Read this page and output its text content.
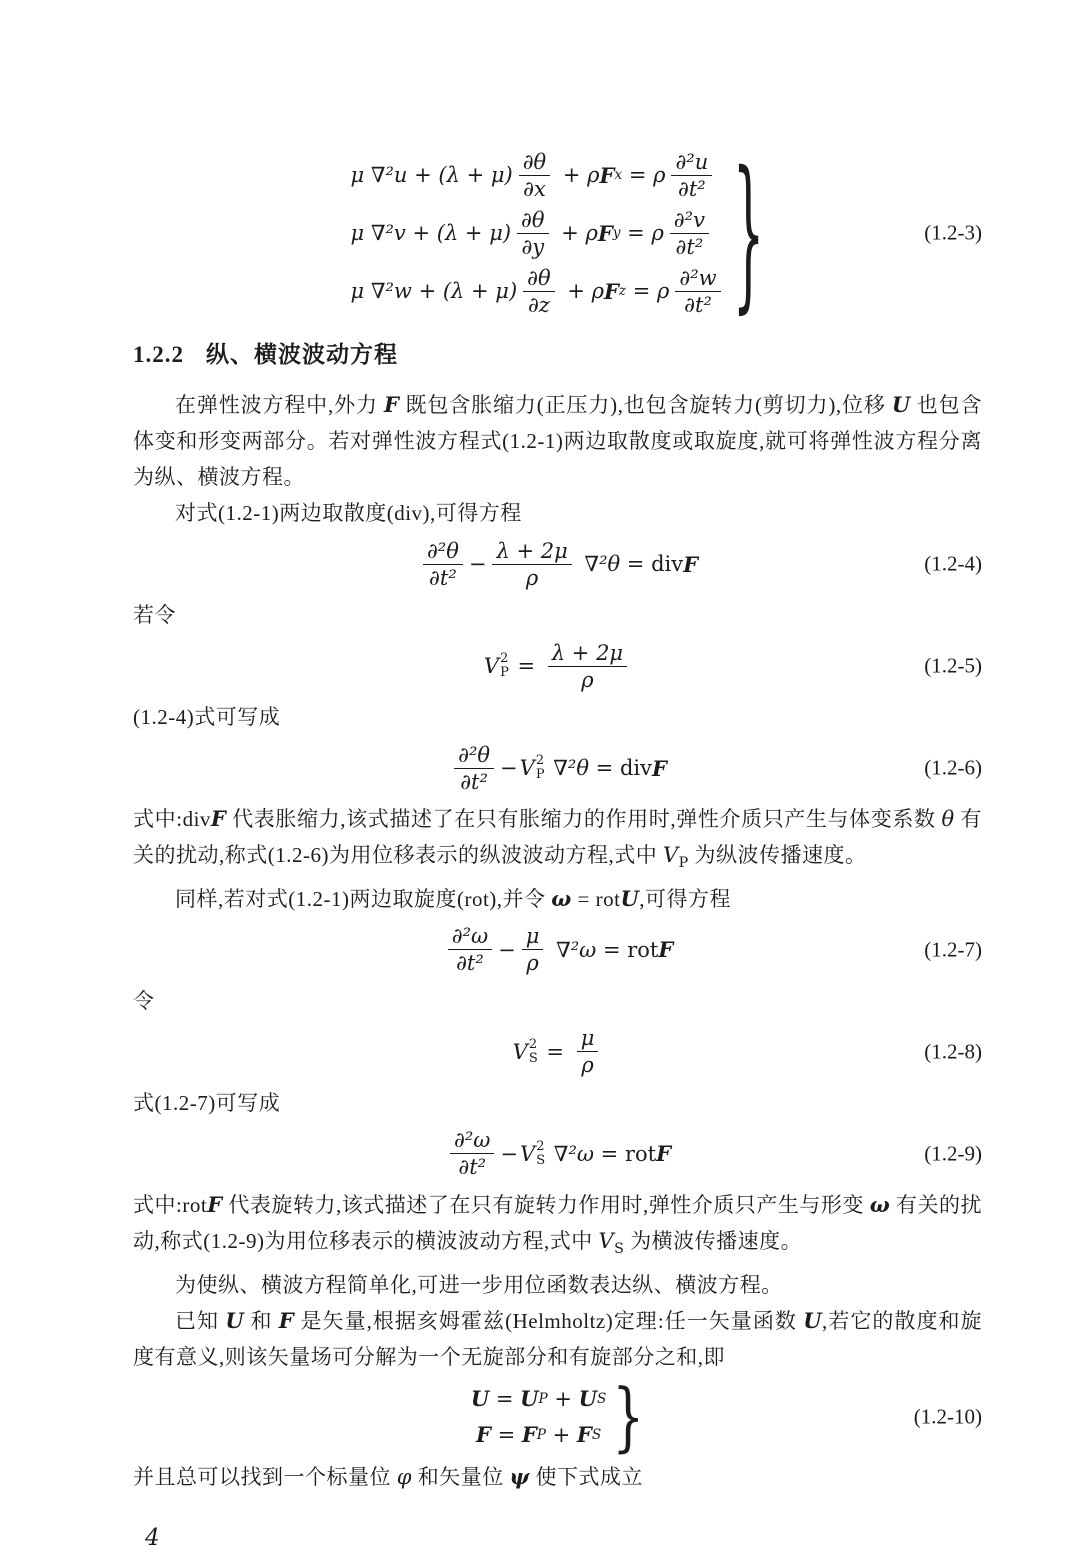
μ $\nabla^2u + (\lambda + \mu) \frac{\partial\theta}{\partial x} + \rho$ F x = ρ $\frac{\text{∂²u}}{\text{∂t²}}$
μ $\nabla^2v + (\lambda + \mu) \frac{\partial\theta}{\partial y} + \rho$ F y = ρ $\frac{\text{∂²v}}{\text{∂t²}}$
μ $\nabla^2w + (\lambda + \mu) \frac{\partial\theta}{\partial z} + \rho$ F z = ρ $\frac{\text{∂²w}}{\text{∂t²}}$ }	(1.2-3)
1.2.2 纵、横波波动方程

在弹性波方程中,外力 F 既包含胀缩力(正压力),也包含旋转力(剪切力),位移 U 也包含体变和形变两部分。若对弹性波方程式(1.2-1)两边取散度或取旋度,就可将弹性波方程分离为纵、横波方程。

对式(1.2-1)两边取散度(div),可得方程

$\frac{\text{∂²θ}}{\text{∂t²}} - \frac{\lambda + 2\mu}{\rho} \nabla^2\theta$ = div F	(1.2-4)

若令

V 2
$P = \frac{\lambda + 2\mu}{\rho}$	(1.2-5)

(1.2-4)式可写成

$\frac{\text{∂²θ}}{\text{∂t²}} - V$ 2
P ∇²θ = div F	(1.2-6)

式中:divF 代表胀缩力,该式描述了在只有胀缩力的作用时,弹性介质只产生与体变系数 θ 有关的扰动,称式(1.2-6)为用位移表示的纵波波动方程,式中 $V_P$ 为纵波传播速度。

同样,若对式(1.2-1)两边取旋度(rot),并令 ω = rotU,可得方程

$\frac{\text{∂²ω}}{\text{∂t²}} - \frac{\mu}{\rho} \nabla^2\omega$ = rot F	(1.2-7)

令

V 2
$S = \frac{\mu}{\rho}$	(1.2-8)

式(1.2-7)可写成

$\frac{\text{∂²ω}}{\text{∂t²}} - V$ 2
S ∇²ω = rot F	(1.2-9)

式中:rotF 代表旋转力,该式描述了在只有旋转力作用时,弹性介质只产生与形变 ω 有关的扰动,称式(1.2-9)为用位移表示的横波波动方程,式中 $V_S$ 为横波传播速度。

为使纵、横波方程简单化,可进一步用位函数表达纵、横波方程。

已知 U 和 F 是矢量,根据亥姆霍兹(Helmholtz)定理:任一矢量函数 U,若它的散度和旋度有意义,则该矢量场可分解为一个无旋部分和有旋部分之和,即

U = U P + U S
F = F P + F S }	(1.2-10)

并且总可以找到一个标量位 φ 和矢量位 ψ 使下式成立

4
